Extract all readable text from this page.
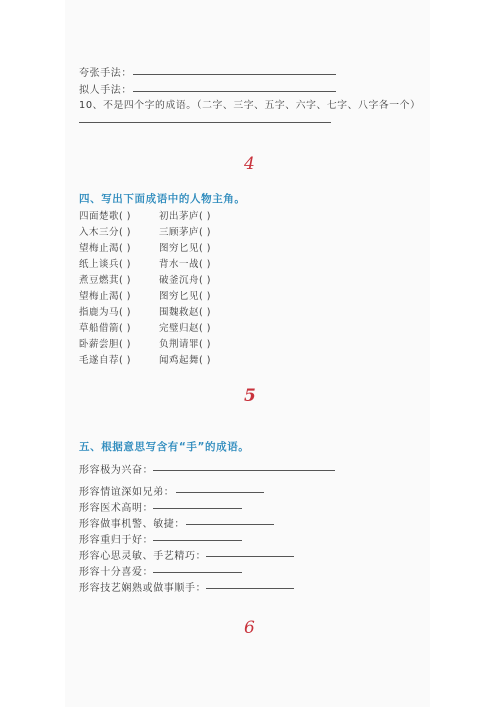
夸张手法：
拟人手法：
10、不是四个字的成语。（二字、三字、五字、六字、七字、八字各一个）
4
四、写出下面成语中的人物主角。
四面楚歌( )	初出茅庐( )
入木三分( )	三顾茅庐( )
望梅止渴( )	图穷匕见( )
纸上谈兵( )	背水一战( )
煮豆燃萁( )	破釜沉舟( )
望梅止渴( )	图穷匕见( )
指鹿为马( )	围魏救赵( )
草船借箭( )	完璧归赵( )
卧薪尝胆( )	负荆请罪( )
毛遂自荐( )	闻鸡起舞( )
5
五、根据意思写含有“手”的成语。
形容极为兴奋：
形容情谊深如兄弟：
形容医术高明：
形容做事机警、敏捷：
形容重归于好：
形容心思灵敏、手艺精巧：
形容十分喜爱：
形容技艺娴熟或做事顺手：
6
